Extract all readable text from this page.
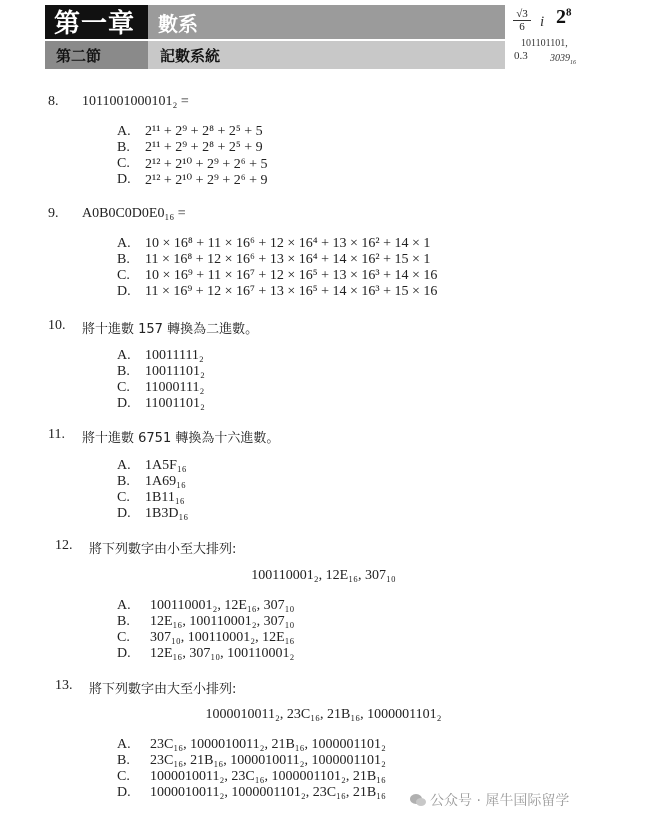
第一章 數系
第二節	記數系統
$\frac{√3}{6}$ i $2^8$
101101101,
0.3 $3039_{16}$
8. 1011001000101₂ =
A. 2¹¹ + 2⁹ + 2⁸ + 2⁵ + 5
B. 2¹¹ + 2⁹ + 2⁸ + 2⁵ + 9
C. 2¹² + 2¹⁰ + 2⁹ + 2⁶ + 5
D. 2¹² + 2¹⁰ + 2⁹ + 2⁶ + 9
9. A0B0C0D0E0₁₆ =
A. 10 × 16⁸ + 11 × 16⁶ + 12 × 16⁴ + 13 × 16² + 14 × 1
B. 11 × 16⁸ + 12 × 16⁶ + 13 × 16⁴ + 14 × 16² + 15 × 1
C. 10 × 16⁹ + 11 × 16⁷ + 12 × 16⁵ + 13 × 16³ + 14 × 16
D. 11 × 16⁹ + 12 × 16⁷ + 13 × 16⁵ + 14 × 16³ + 15 × 16
10. 將十進數 157 轉換為二進數。
A. 10011111₂
B. 10011101₂
C. 11000111₂
D. 11001101₂
11. 將十進數 6751 轉換為十六進數。
A. 1A5F₁₆
B. 1A69₁₆
C. 1B11₁₆
D. 1B3D₁₆
12. 將下列數字由小至大排列:
100110001₂, 12E₁₆, 307₁₀
A. 100110001₂, 12E₁₆, 307₁₀
B. 12E₁₆, 100110001₂, 307₁₀
C. 307₁₀, 100110001₂, 12E₁₆
D. 12E₁₆, 307₁₀, 100110001₂
13. 將下列數字由大至小排列:
1000010011₂, 23C₁₆, 21B₁₆, 1000001101₂
A. 23C₁₆, 1000010011₂, 21B₁₆, 1000001101₂
B. 23C₁₆, 21B₁₆, 1000010011₂, 1000001101₂
C. 1000010011₂, 23C₁₆, 1000001101₂, 21B₁₆
D. 1000010011₂, 1000001101₂, 23C₁₆, 21B₁₆
公众号 · 犀牛国际留学
